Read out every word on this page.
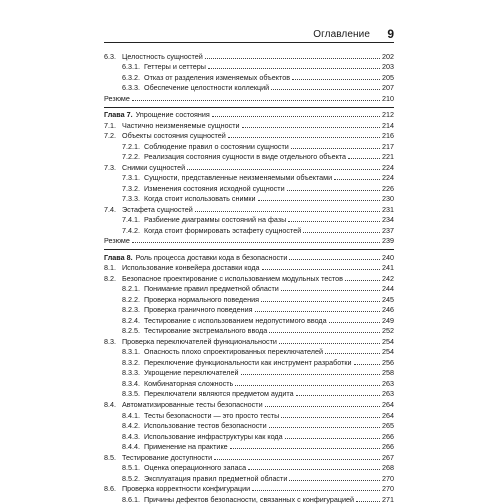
Оглавление 9
6.3. Целостность сущностей	202
6.3.1. Геттеры и сеттеры	203
6.3.2. Отказ от разделения изменяемых объектов	205
6.3.3. Обеспечение целостности коллекций	207
Резюме	210
Глава 7. Упрощение состояния	212
7.1. Частично неизменяемые сущности	214
7.2. Объекты состояния сущностей	216
7.2.1. Соблюдение правил о состоянии сущности	217
7.2.2. Реализация состояния сущности в виде отдельного объекта	221
7.3. Снимки сущностей	224
7.3.1. Сущности, представленные неизменяемыми объектами	224
7.3.2. Изменения состояния исходной сущности	226
7.3.3. Когда стоит использовать снимки	230
7.4. Эстафета сущностей	231
7.4.1. Разбиение диаграммы состояний на фазы	234
7.4.2. Когда стоит формировать эстафету сущностей	237
Резюме	239
Глава 8. Роль процесса доставки кода в безопасности	240
8.1. Использование конвейера доставки кода	241
8.2. Безопасное проектирование с использованием модульных тестов	242
8.2.1. Понимание правил предметной области	244
8.2.2. Проверка нормального поведения	245
8.2.3. Проверка граничного поведения	246
8.2.4. Тестирование с использованием недопустимого ввода	249
8.2.5. Тестирование экстремального ввода	252
8.3. Проверка переключателей функциональности	254
8.3.1. Опасность плохо спроектированных переключателей	254
8.3.2. Переключение функциональности как инструмент разработки	256
8.3.3. Укрощение переключателей	258
8.3.4. Комбинаторная сложность	263
8.3.5. Переключатели являются предметом аудита	263
8.4. Автоматизированные тесты безопасности	264
8.4.1. Тесты безопасности — это просто тесты	264
8.4.2. Использование тестов безопасности	265
8.4.3. Использование инфраструктуры как кода	266
8.4.4. Применение на практике	266
8.5. Тестирование доступности	267
8.5.1. Оценка операционного запаса	268
8.5.2. Эксплуатация правил предметной области	270
8.6. Проверка корректности конфигурации	270
8.6.1. Причины дефектов безопасности, связанных с конфигурацией	271
